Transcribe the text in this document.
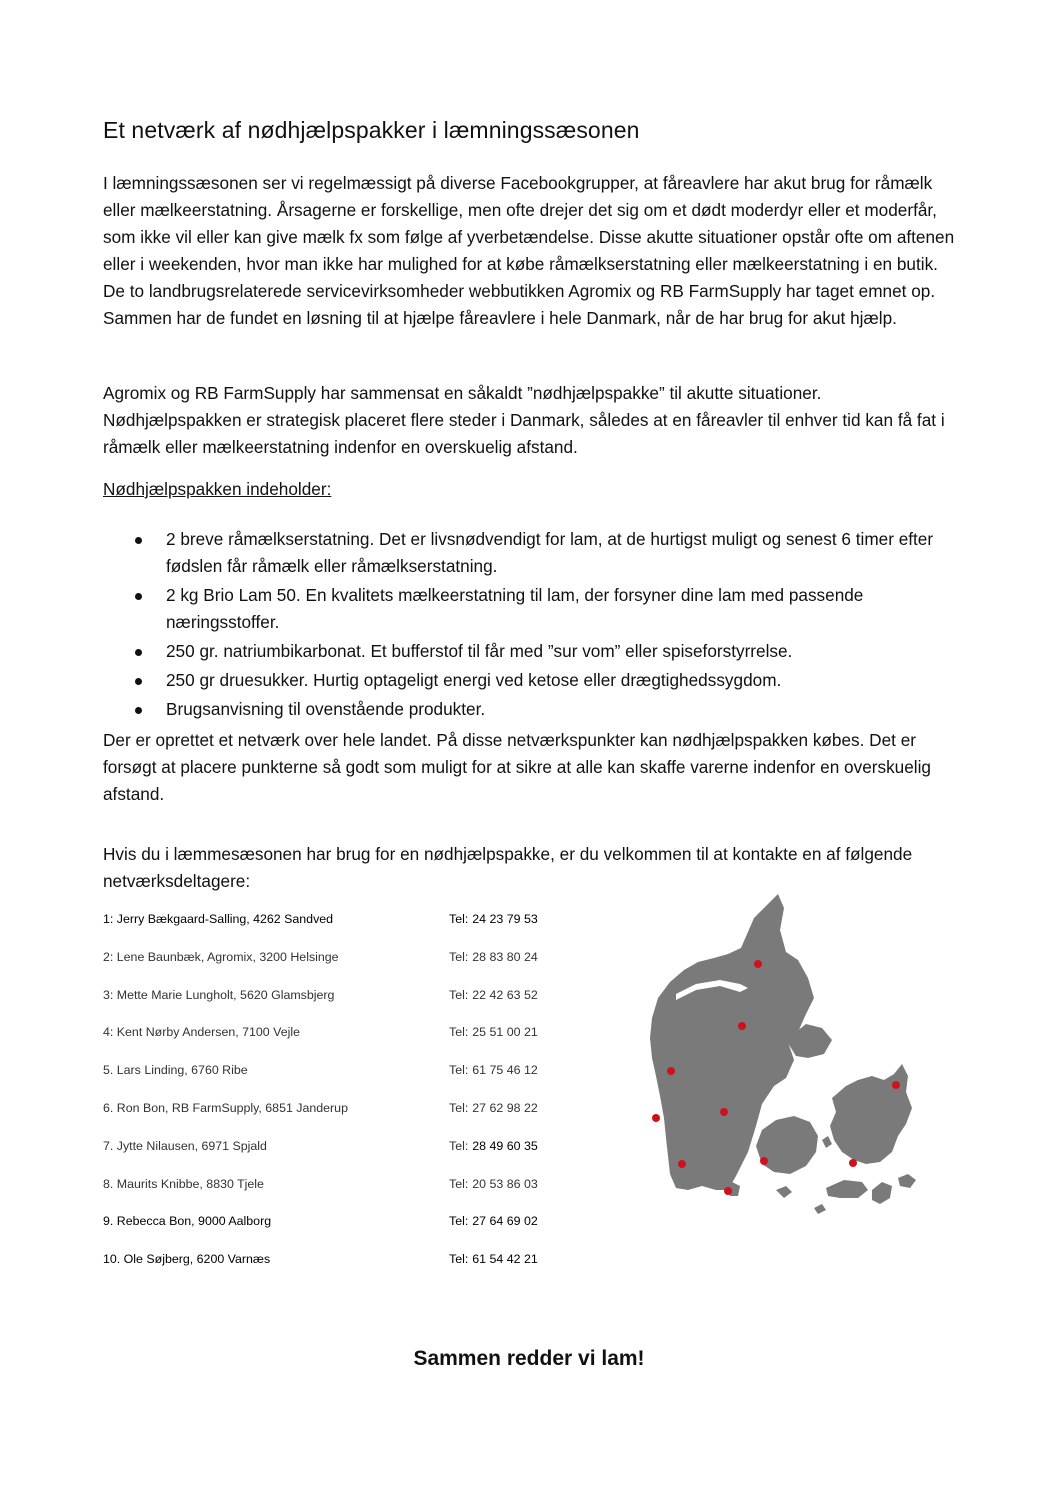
Et netværk af nødhjælpspakker i læmningssæsonen

I læmningssæsonen ser vi regelmæssigt på diverse Facebookgrupper, at fåreavlere har akut brug for råmælk eller mælkeerstatning. Årsagerne er forskellige, men ofte drejer det sig om et dødt moderdyr eller et moderfår, som ikke vil eller kan give mælk fx som følge af yverbetændelse. Disse akutte situationer opstår ofte om aftenen eller i weekenden, hvor man ikke har mulighed for at købe råmælkserstatning eller mælkeerstatning i en butik. De to landbrugsrelaterede servicevirksomheder webbutikken Agromix og RB FarmSupply har taget emnet op. Sammen har de fundet en løsning til at hjælpe fåreavlere i hele Danmark, når de har brug for akut hjælp.

Agromix og RB FarmSupply har sammensat en såkaldt ”nødhjælpspakke” til akutte situationer. Nødhjælpspakken er strategisk placeret flere steder i Danmark, således at en fåreavler til enhver tid kan få fat i råmælk eller mælkeerstatning indenfor en overskuelig afstand.

Nødhjælpspakken indeholder:

2 breve råmælkserstatning. Det er livsnødvendigt for lam, at de hurtigst muligt og senest 6 timer efter fødslen får råmælk eller råmælkserstatning.
2 kg Brio Lam 50. En kvalitets mælkeerstatning til lam, der forsyner dine lam med passende næringsstoffer.
250 gr. natriumbikarbonat. Et bufferstof til får med ”sur vom” eller spiseforstyrrelse.
250 gr druesukker. Hurtig optageligt energi ved ketose eller drægtighedssygdom.
Brugsanvisning til ovenstående produkter.

Der er oprettet et netværk over hele landet. På disse netværkspunkter kan nødhjælpspakken købes. Det er forsøgt at placere punkterne så godt som muligt for at sikre at alle kan skaffe varerne indenfor en overskuelig afstand.

Hvis du i læmmesæsonen har brug for en nødhjælpspakke, er du velkommen til at kontakte en af følgende netværksdeltagere:

1: Jerry Bækgaard-Salling, 4262 Sandved	Tel: 24 23 79 53
2: Lene Baunbæk, Agromix, 3200 Helsinge	Tel: 28 83 80 24
3: Mette Marie Lungholt, 5620 Glamsbjerg	Tel: 22 42 63 52
4: Kent Nørby Andersen, 7100 Vejle	Tel: 25 51 00 21
5. Lars Linding, 6760 Ribe	Tel: 61 75 46 12
6. Ron Bon, RB FarmSupply, 6851 Janderup	Tel: 27 62 98 22
7. Jytte Nilausen, 6971 Spjald	Tel: 28 49 60 35
8. Maurits Knibbe, 8830 Tjele	Tel: 20 53 86 03
9. Rebecca Bon, 9000 Aalborg	Tel: 27 64 69 02
10. Ole Søjberg, 6200 Varnæs	Tel: 61 54 42 21

Sammen redder vi lam!
